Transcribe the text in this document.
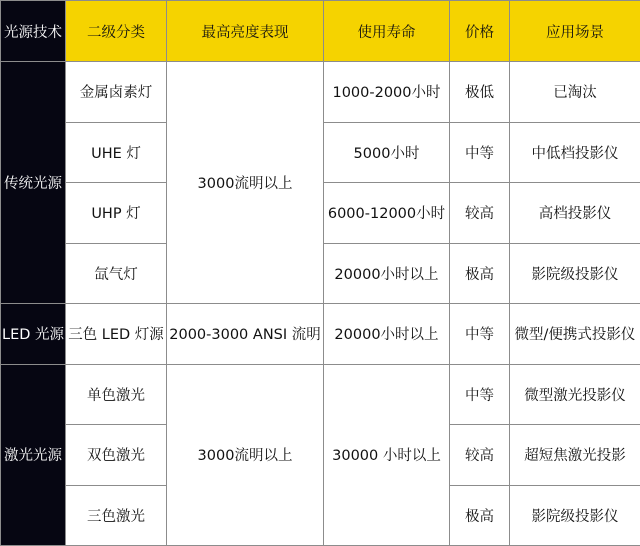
光源技术	二级分类	最高亮度表现	使用寿命	价格	应用场景
传统光源	金属卤素灯	3000流明以上	1000-2000小时	极低	已淘汰
	UHE 灯		5000小时	中等	中低档投影仪
	UHP 灯		6000-12000小时	较高	高档投影仪
	氙气灯		20000小时以上	极高	影院级投影仪
LED 光源	三色 LED 灯源	2000-3000 ANSI 流明	20000小时以上	中等	微型/便携式投影仪
激光光源	单色激光	3000流明以上	30000 小时以上	中等	微型激光投影仪
	双色激光			较高	超短焦激光投影
	三色激光			极高	影院级投影仪
